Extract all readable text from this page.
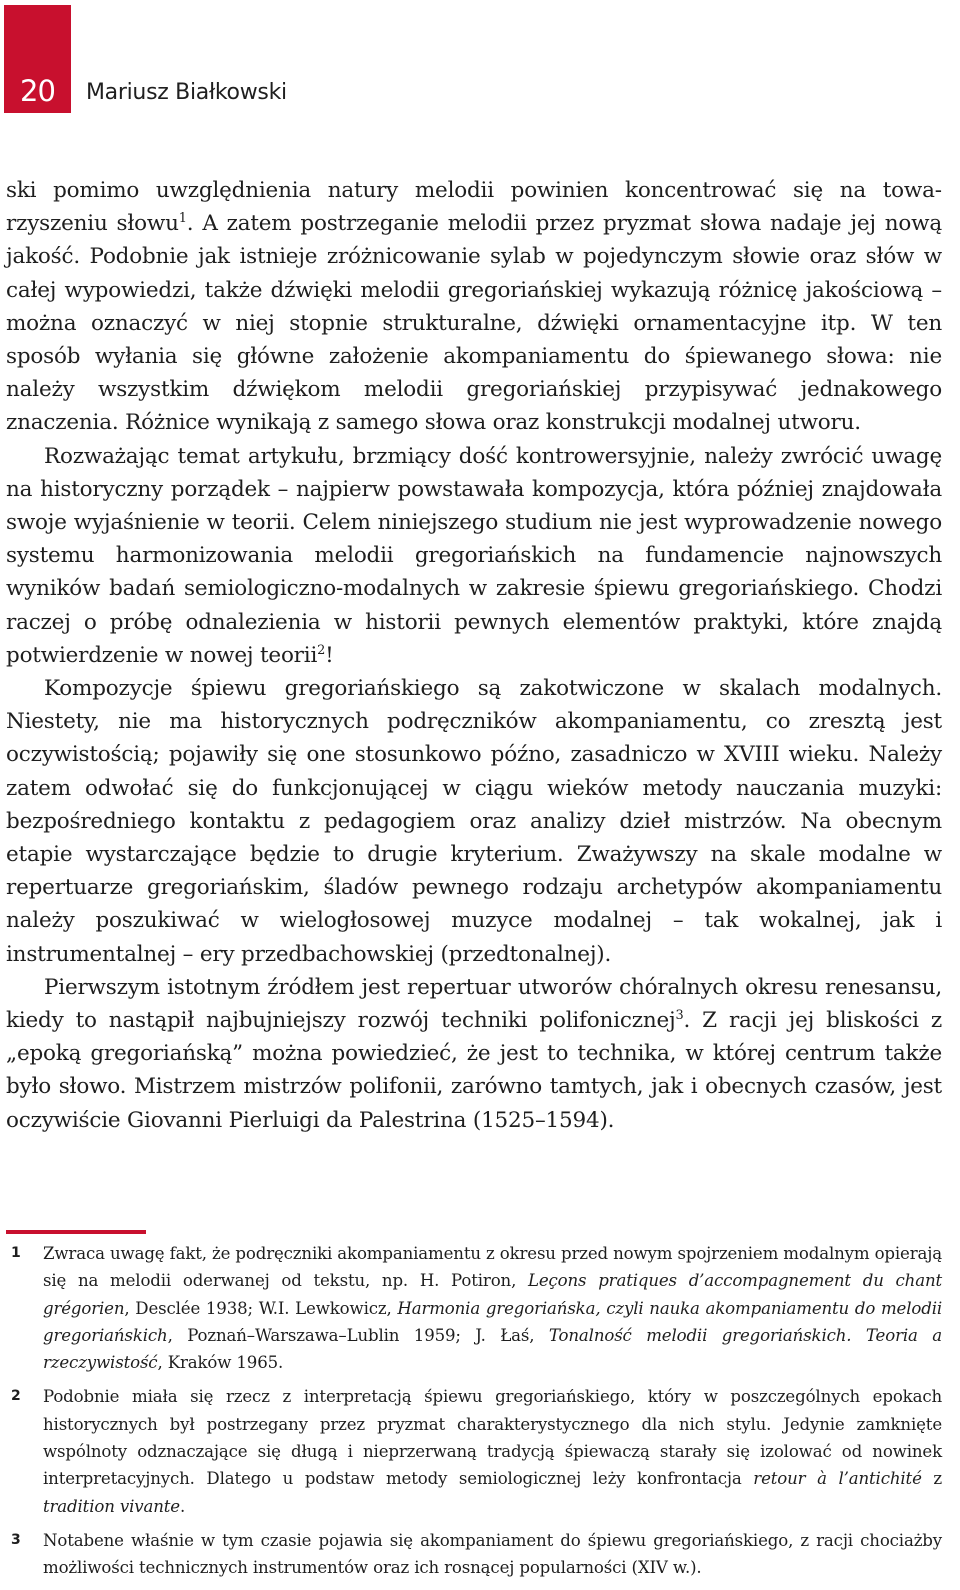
20	Mariusz Białkowski

ski pomimo uwzględnienia natury melodii powinien koncentrować się na towarzyszeniu słowu$^1$. A zatem postrzeganie melodii przez pryzmat słowa nadaje jej nową jakość. Podobnie jak istnieje zróżnicowanie sylab w pojedynczym słowie oraz słów w całej wypowiedzi, także dźwięki melodii gregoriańskiej wykazują różnicę jakościową – można oznaczyć w niej stopnie strukturalne, dźwięki ornamentacyjne itp. W ten sposób wyłania się główne założenie akompaniamentu do śpiewanego słowa: nie należy wszystkim dźwiękom melodii gregoriańskiej przypisywać jednakowego znaczenia. Różnice wynikają z samego słowa oraz konstrukcji modalnej utworu.

Rozważając temat artykułu, brzmiący dość kontrowersyjnie, należy zwrócić uwagę na historyczny porządek – najpierw powstawała kompozycja, która później znajdowała swoje wyjaśnienie w teorii. Celem niniejszego studium nie jest wyprowadzenie nowego systemu harmonizowania melodii gregoriańskich na fundamencie najnowszych wyników badań semiologiczno-modalnych w zakresie śpiewu gregoriańskiego. Chodzi raczej o próbę odnalezienia w historii pewnych elementów praktyki, które znajdą potwierdzenie w nowej teorii$^2$!

Kompozycje śpiewu gregoriańskiego są zakotwiczone w skalach modalnych. Niestety, nie ma historycznych podręczników akompaniamentu, co zresztą jest oczywistością; pojawiły się one stosunkowo późno, zasadniczo w XVIII wieku. Należy zatem odwołać się do funkcjonującej w ciągu wieków metody nauczania muzyki: bezpośredniego kontaktu z pedagogiem oraz analizy dzieł mistrzów. Na obecnym etapie wystarczające będzie to drugie kryterium. Zważywszy na skale modalne w repertuarze gregoriańskim, śladów pewnego rodzaju archetypów akompaniamentu należy poszukiwać w wielogłosowej muzyce modalnej – tak wokalnej, jak i instrumentalnej – ery przedbachowskiej (przedtonalnej).

Pierwszym istotnym źródłem jest repertuar utworów chóralnych okresu renesansu, kiedy to nastąpił najbujniejszy rozwój techniki polifonicznej$^3$. Z racji jej bliskości z „epoką gregoriańską” można powiedzieć, że jest to technika, w której centrum także było słowo. Mistrzem mistrzów polifonii, zarówno tamtych, jak i obecnych czasów, jest oczywiście Giovanni Pierluigi da Palestrina (1525–1594).

1 Zwraca uwagę fakt, że podręczniki akompaniamentu z okresu przed nowym spojrzeniem modalnym opierają się na melodii oderwanej od tekstu, np. H. Potiron, Leçons pratiques d’accompagnement du chant grégorien, Desclée 1938; W.I. Lewkowicz, Harmonia gregoriańska, czyli nauka akompaniamentu do melodii gregoriańskich, Poznań–Warszawa–Lublin 1959; J. Łaś, Tonalność melodii gregoriańskich. Teoria a rzeczywistość, Kraków 1965.
2 Podobnie miała się rzecz z interpretacją śpiewu gregoriańskiego, który w poszczególnych epokach historycznych był postrzegany przez pryzmat charakterystycznego dla nich stylu. Jedynie zamknięte wspólnoty odznaczające się długą i nieprzerwaną tradycją śpiewaczą starały się izolować od nowinek interpretacyjnych. Dlatego u podstaw metody semiologicznej leży konfrontacja retour à l’antichité z tradition vivante.
3 Notabene właśnie w tym czasie pojawia się akompaniament do śpiewu gregoriańskiego, z racji chociażby możliwości technicznych instrumentów oraz ich rosnącej popularności (XIV w.).
